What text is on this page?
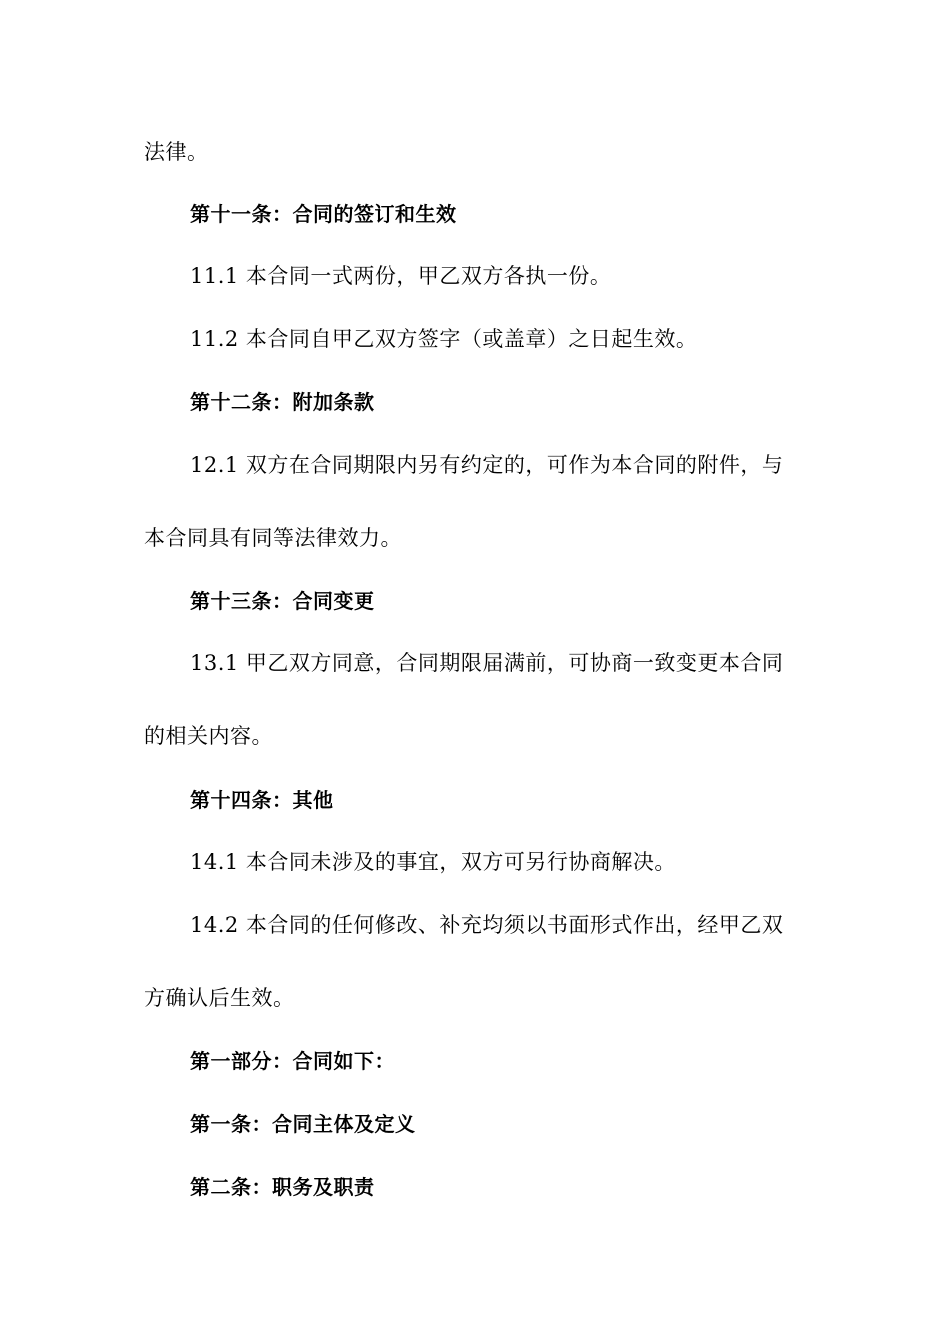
法律。
第十一条：合同的签订和生效
11.1 本合同一式两份，甲乙双方各执一份。
11.2 本合同自甲乙双方签字（或盖章）之日起生效。
第十二条：附加条款
12.1 双方在合同期限内另有约定的，可作为本合同的附件，与
本合同具有同等法律效力。
第十三条：合同变更
13.1 甲乙双方同意，合同期限届满前，可协商一致变更本合同
的相关内容。
第十四条：其他
14.1 本合同未涉及的事宜，双方可另行协商解决。
14.2 本合同的任何修改、补充均须以书面形式作出，经甲乙双
方确认后生效。
第一部分：合同如下：
第一条：合同主体及定义
第二条：职务及职责
